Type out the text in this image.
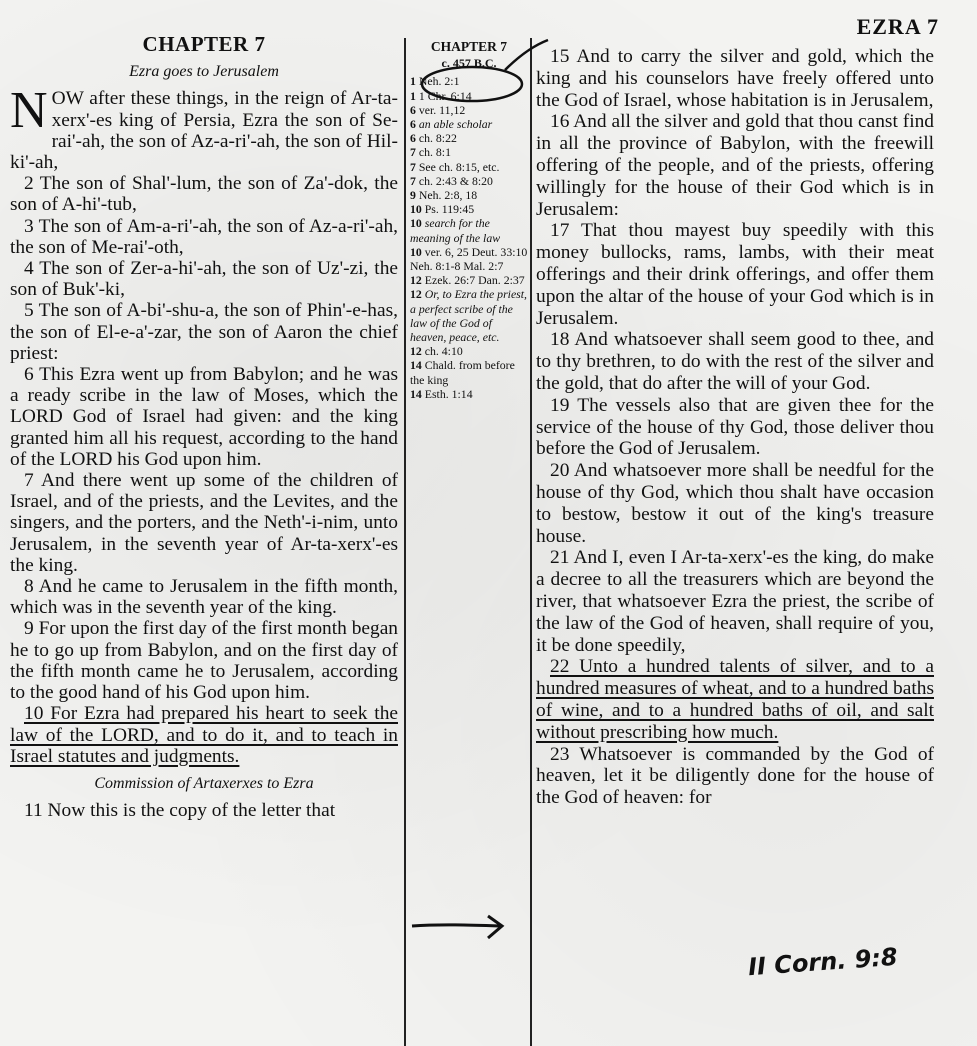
EZRA 7
CHAPTER 7
Ezra goes to Jerusalem

NOW after these things, in the reign of Ar-ta-xerx'-es king of Persia, Ezra the son of Se-rai'-ah, the son of Az-a-ri'-ah, the son of Hil-ki'-ah,

2 The son of Shal'-lum, the son of Za'-dok, the son of A-hi'-tub,

3 The son of Am-a-ri'-ah, the son of Az-a-ri'-ah, the son of Me-rai'-oth,

4 The son of Zer-a-hi'-ah, the son of Uz'-zi, the son of Buk'-ki,

5 The son of A-bi'-shu-a, the son of Phin'-e-has, the son of El-e-a'-zar, the son of Aaron the chief priest:

6 This Ezra went up from Babylon; and he was a ready scribe in the law of Moses, which the LORD God of Israel had given: and the king granted him all his request, according to the hand of the LORD his God upon him.

7 And there went up some of the children of Israel, and of the priests, and the Levites, and the singers, and the porters, and the Neth'-i-nim, unto Jerusalem, in the seventh year of Ar-ta-xerx'-es the king.

8 And he came to Jerusalem in the fifth month, which was in the seventh year of the king.

9 For upon the first day of the first month began he to go up from Babylon, and on the first day of the fifth month came he to Jerusalem, according to the good hand of his God upon him.

10 For Ezra had prepared his heart to seek the law of the LORD, and to do it, and to teach in Israel statutes and judgments.

Commission of Artaxerxes to Ezra

11 Now this is the copy of the letter that

CHAPTER 7
c. 457 B.C.
1 Neh. 2:1
1 1 Chr. 6:14
6 ver. 11,12
6 an able scholar
6 ch. 8:22
7 ch. 8:1
7 See ch. 8:15, etc.
7 ch. 2:43 & 8:20
9 Neh. 2:8, 18
10 Ps. 119:45
10 search for the meaning of the law
10 ver. 6, 25 Deut. 33:10 Neh. 8:1-8 Mal. 2:7
12 Ezek. 26:7 Dan. 2:37
12 Or, to Ezra the priest, a perfect scribe of the law of the God of heaven, peace, etc.
12 ch. 4:10
14 Chald. from before the king
14 Esth. 1:14

15 And to carry the silver and gold, which the king and his counselors have freely offered unto the God of Israel, whose habitation is in Jerusalem,

16 And all the silver and gold that thou canst find in all the province of Babylon, with the freewill offering of the people, and of the priests, offering willingly for the house of their God which is in Jerusalem:

17 That thou mayest buy speedily with this money bullocks, rams, lambs, with their meat offerings and their drink offerings, and offer them upon the altar of the house of your God which is in Jerusalem.

18 And whatsoever shall seem good to thee, and to thy brethren, to do with the rest of the silver and the gold, that do after the will of your God.

19 The vessels also that are given thee for the service of the house of thy God, those deliver thou before the God of Jerusalem.

20 And whatsoever more shall be needful for the house of thy God, which thou shalt have occasion to bestow, bestow it out of the king's treasure house.

21 And I, even I Ar-ta-xerx'-es the king, do make a decree to all the treasurers which are beyond the river, that whatsoever Ezra the priest, the scribe of the law of the God of heaven, shall require of you, it be done speedily,

22 Unto a hundred talents of silver, and to a hundred measures of wheat, and to a hundred baths of wine, and to a hundred baths of oil, and salt without prescribing how much.

23 Whatsoever is commanded by the God of heaven, let it be diligently done for the house of the God of heaven: for

II Corn. 9:8
